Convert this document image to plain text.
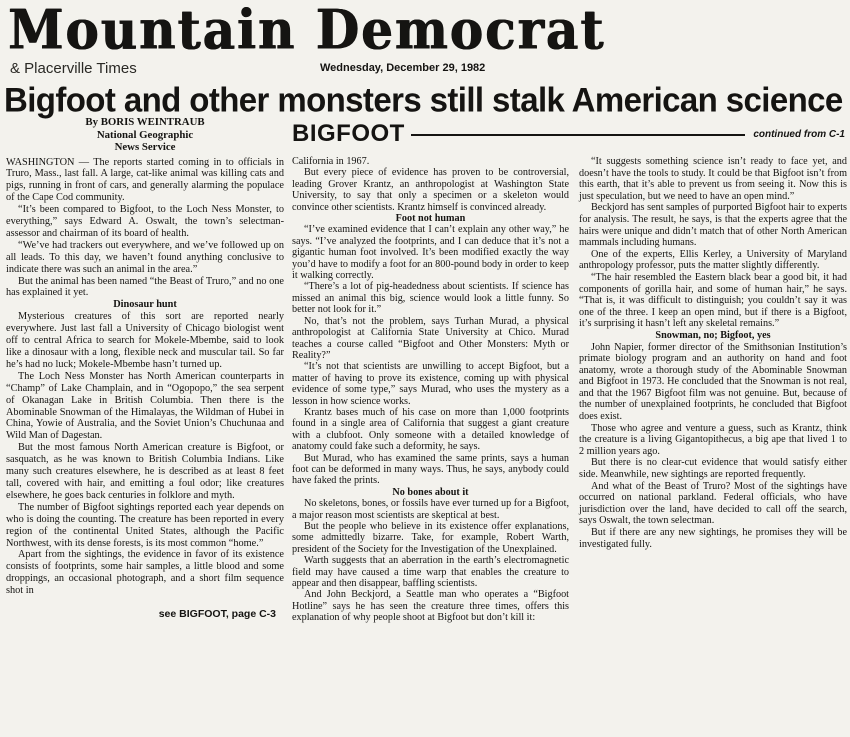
Mountain Democrat
& Placerville Times	Wednesday, December 29, 1982
Bigfoot and other monsters still stalk American science
BIGFOOT	continued from C-1
By BORIS WEINTRAUB
National Geographic
News Service

WASHINGTON — The reports started coming in to officials in Truro, Mass., last fall. A large, cat-like animal was killing cats and pigs, running in front of cars, and generally alarming the populace of the Cape Cod community.

“It’s been compared to Bigfoot, to the Loch Ness Monster, to everything,” says Edward A. Oswalt, the town’s selectman-assessor and chairman of its board of health.

“We’ve had trackers out everywhere, and we’ve followed up on all leads. To this day, we haven’t found anything conclusive to indicate there was such an animal in the area.”

But the animal has been named “the Beast of Truro,” and no one has explained it yet.

Dinosaur hunt

Mysterious creatures of this sort are reported nearly everywhere. Just last fall a University of Chicago biologist went off to central Africa to search for Mokele-Mbembe, said to look like a dinosaur with a long, flexible neck and muscular tail. So far he’s had no luck; Mokele-Mbembe hasn’t turned up.

The Loch Ness Monster has North American counterparts in “Champ” of Lake Champlain, and in “Ogopopo,” the sea serpent of Okanagan Lake in British Columbia. Then there is the Abominable Snowman of the Himalayas, the Wildman of Hubei in China, Yowie of Australia, and the Soviet Union’s Chuchunaa and Wild Man of Dagestan.

But the most famous North American creature is Bigfoot, or sasquatch, as he was known to British Columbia Indians. Like many such creatures elsewhere, he is described as at least 8 feet tall, covered with hair, and emitting a foul odor; like creatures elsewhere, he goes back centuries in folklore and myth.

The number of Bigfoot sightings reported each year depends on who is doing the counting. The creature has been reported in every region of the continental United States, although the Pacific Northwest, with its dense forests, is its most common “home.”

Apart from the sightings, the evidence in favor of its existence consists of footprints, some hair samples, a little blood and some droppings, an occasional photograph, and a short film sequence shot in

see BIGFOOT, page C-3

California in 1967.

But every piece of evidence has proven to be controversial, leading Grover Krantz, an anthropologist at Washington State University, to say that only a specimen or a skeleton would convince other scientists. Krantz himself is convinced already.

Foot not human

“I’ve examined evidence that I can’t explain any other way,” he says. “I’ve analyzed the footprints, and I can deduce that it’s not a gigantic human foot involved. It’s been modified exactly the way you’d have to modify a foot for an 800-pound body in order to keep it walking correctly.

“There’s a lot of pig-headedness about scientists. If science has missed an animal this big, science would look a little funny. So better not look for it.”

No, that’s not the problem, says Turhan Murad, a physical anthropologist at California State University at Chico. Murad teaches a course called “Bigfoot and Other Monsters: Myth or Reality?”

“It’s not that scientists are unwilling to accept Bigfoot, but a matter of having to prove its existence, coming up with physical evidence of some type,” says Murad, who uses the mystery as a lesson in how science works.

Krantz bases much of his case on more than 1,000 footprints found in a single area of California that suggest a giant creature with a clubfoot. Only someone with a detailed knowledge of anatomy could fake such a deformity, he says.

But Murad, who has examined the same prints, says a human foot can be deformed in many ways. Thus, he says, anybody could have faked the prints.

No bones about it

No skeletons, bones, or fossils have ever turned up for a Bigfoot, a major reason most scientists are skeptical at best.

But the people who believe in its existence offer explanations, some admittedly bizarre. Take, for example, Robert Warth, president of the Society for the Investigation of the Unexplained.

Warth suggests that an aberration in the earth’s electromagnetic field may have caused a time warp that enables the creature to appear and then disappear, baffling scientists.

And John Beckjord, a Seattle man who operates a “Bigfoot Hotline” says he has seen the creature three times, offers this explanation of why people shoot at Bigfoot but don’t kill it:

“It suggests something science isn’t ready to face yet, and doesn’t have the tools to study. It could be that Bigfoot isn’t from this earth, that it’s able to prevent us from seeing it. Now this is just speculation, but we need to have an open mind.”

Beckjord has sent samples of purported Bigfoot hair to experts for analysis. The result, he says, is that the experts agree that the hairs were unique and didn’t match that of other North American mammals including humans.

One of the experts, Ellis Kerley, a University of Maryland anthropology professor, puts the matter slightly differently.

“The hair resembled the Eastern black bear a good bit, it had components of gorilla hair, and some of human hair,” he says. “That is, it was difficult to distinguish; you couldn’t say it was one of the three. I keep an open mind, but if there is a Bigfoot, it’s surprising it hasn’t left any skeletal remains.”

Snowman, no; Bigfoot, yes

John Napier, former director of the Smithsonian Institution’s primate biology program and an authority on hand and foot anatomy, wrote a thorough study of the Abominable Snowman and Bigfoot in 1973. He concluded that the Snowman is not real, and that the 1967 Bigfoot film was not genuine. But, because of the number of unexplained footprints, he concluded that Bigfoot does exist.

Those who agree and venture a guess, such as Krantz, think the creature is a living Gigantopithecus, a big ape that lived 1 to 2 million years ago.

But there is no clear-cut evidence that would satisfy either side. Meanwhile, new sightings are reported frequently.

And what of the Beast of Truro? Most of the sightings have occurred on national parkland. Federal officials, who have jurisdiction over the land, have decided to call off the search, says Oswalt, the town selectman.

But if there are any new sightings, he promises they will be investigated fully.
